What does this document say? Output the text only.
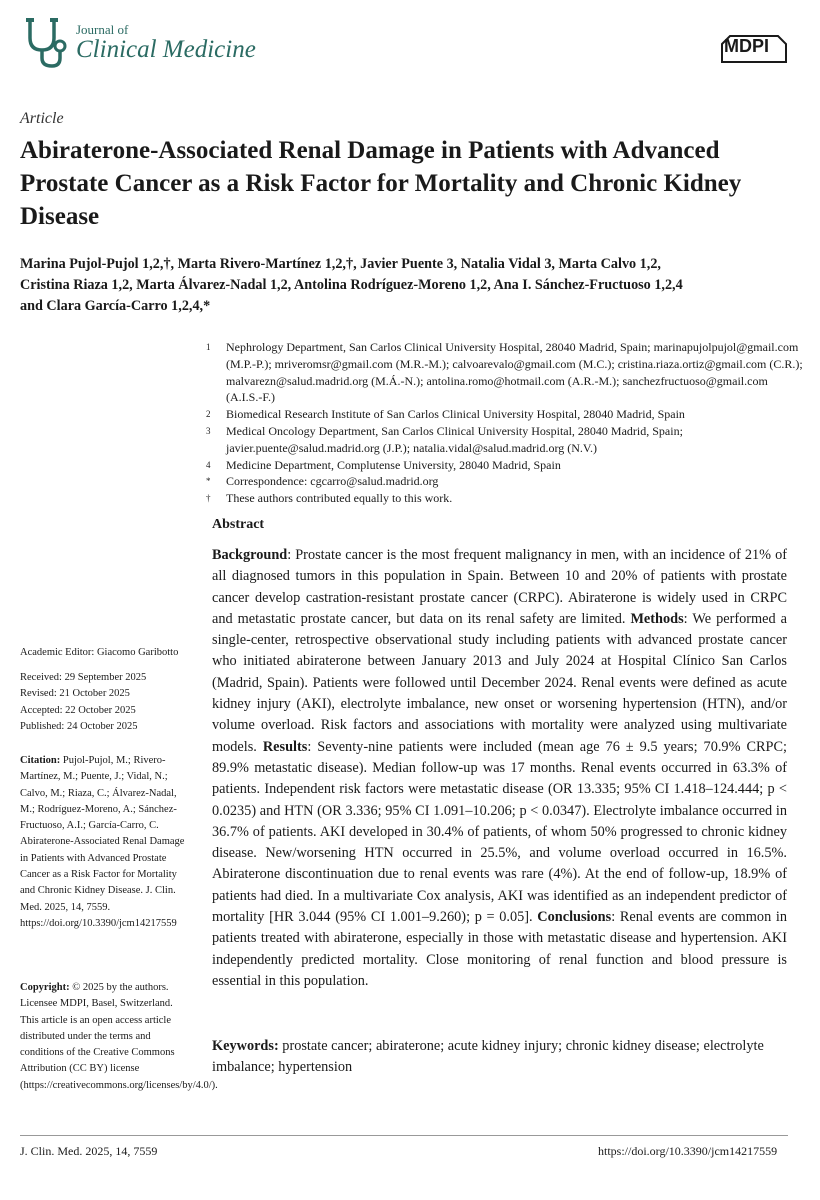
Journal of
Clinical Medicine	MDPI
Article
Abiraterone-Associated Renal Damage in Patients with Advanced Prostate Cancer as a Risk Factor for Mortality and Chronic Kidney Disease
Marina Pujol-Pujol 1,2,†, Marta Rivero-Martínez 1,2,†, Javier Puente 3, Natalia Vidal 3, Marta Calvo 1,2,
Cristina Riaza 1,2, Marta Álvarez-Nadal 1,2, Antolina Rodríguez-Moreno 1,2, Ana I. Sánchez-Fructuoso 1,2,4
and Clara García-Carro 1,2,4,*
1 Nephrology Department, San Carlos Clinical University Hospital, 28040 Madrid, Spain; marinapujolpujol@gmail.com (M.P.-P.); mriveromsr@gmail.com (M.R.-M.); calvoarevalo@gmail.com (M.C.); cristina.riaza.ortiz@gmail.com (C.R.); malvarezn@salud.madrid.org (M.Á.-N.); antolina.romo@hotmail.com (A.R.-M.); sanchezfructuoso@gmail.com (A.I.S.-F.)
2 Biomedical Research Institute of San Carlos Clinical University Hospital, 28040 Madrid, Spain
3 Medical Oncology Department, San Carlos Clinical University Hospital, 28040 Madrid, Spain; javier.puente@salud.madrid.org (J.P.); natalia.vidal@salud.madrid.org (N.V.)
4 Medicine Department, Complutense University, 28040 Madrid, Spain
* Correspondence: cgcarro@salud.madrid.org
† These authors contributed equally to this work.
Abstract
Background: Prostate cancer is the most frequent malignancy in men, with an incidence of 21% of all diagnosed tumors in this population in Spain. Between 10 and 20% of patients with prostate cancer develop castration-resistant prostate cancer (CRPC). Abiraterone is widely used in CRPC and metastatic prostate cancer, but data on its renal safety are limited. Methods: We performed a single-center, retrospective observational study including patients with advanced prostate cancer who initiated abiraterone between January 2013 and July 2024 at Hospital Clínico San Carlos (Madrid, Spain). Patients were followed until December 2024. Renal events were defined as acute kidney injury (AKI), electrolyte imbalance, new onset or worsening hypertension (HTN), and/or volume overload. Risk factors and associations with mortality were analyzed using multivariate models. Results: Seventy-nine patients were included (mean age 76 ± 9.5 years; 70.9% CRPC; 89.9% metastatic disease). Median follow-up was 17 months. Renal events occurred in 63.3% of patients. Independent risk factors were metastatic disease (OR 13.335; 95% CI 1.418–124.444; p < 0.0235) and HTN (OR 3.336; 95% CI 1.091–10.206; p < 0.0347). Electrolyte imbalance occurred in 36.7% of patients. AKI developed in 30.4% of patients, of whom 50% progressed to chronic kidney disease. New/worsening HTN occurred in 25.5%, and volume overload occurred in 16.5%. Abiraterone discontinuation due to renal events was rare (4%). At the end of follow-up, 18.9% of patients had died. In a multivariate Cox analysis, AKI was identified as an independent predictor of mortality [HR 3.044 (95% CI 1.001–9.260); p = 0.05]. Conclusions: Renal events are common in patients treated with abiraterone, especially in those with metastatic disease and hypertension. AKI independently predicted mortality. Close monitoring of renal function and blood pressure is essential in this population.
Keywords: prostate cancer; abiraterone; acute kidney injury; chronic kidney disease; electrolyte imbalance; hypertension
Academic Editor: Giacomo Garibotto
Received: 29 September 2025
Revised: 21 October 2025
Accepted: 22 October 2025
Published: 24 October 2025
Citation: Pujol-Pujol, M.; Rivero-Martínez, M.; Puente, J.; Vidal, N.; Calvo, M.; Riaza, C.; Álvarez-Nadal, M.; Rodríguez-Moreno, A.; Sánchez-Fructuoso, A.I.; García-Carro, C. Abiraterone-Associated Renal Damage in Patients with Advanced Prostate Cancer as a Risk Factor for Mortality and Chronic Kidney Disease. J. Clin. Med. 2025, 14, 7559. https://doi.org/10.3390/jcm14217559
Copyright: © 2025 by the authors. Licensee MDPI, Basel, Switzerland. This article is an open access article distributed under the terms and conditions of the Creative Commons Attribution (CC BY) license (https://creativecommons.org/licenses/by/4.0/).
J. Clin. Med. 2025, 14, 7559	https://doi.org/10.3390/jcm14217559
